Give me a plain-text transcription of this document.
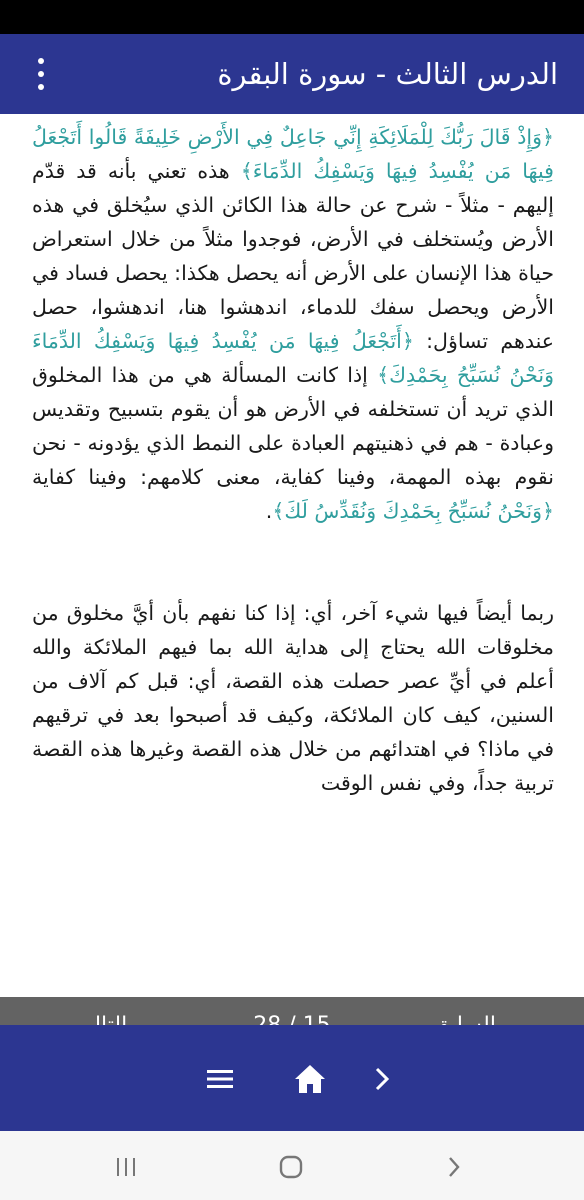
الدرس الثالث - سورة البقرة

﴿وَإِذْ قَالَ رَبُّكَ لِلْمَلَائِكَةِ إِنِّي جَاعِلٌ فِي الأَرْضِ خَلِيفَةً قَالُوا أَتَجْعَلُ فِيهَا مَن يُفْسِدُ فِيهَا وَيَسْفِكُ الدِّمَاءَ﴾ هذه تعني بأنه قد قدّم إليهم - مثلاً - شرح عن حالة هذا الكائن الذي سيُخلق في هذه الأرض ويُستخلف في الأرض، فوجدوا مثلاً من خلال استعراض حياة هذا الإنسان على الأرض أنه يحصل هكذا: يحصل فساد في الأرض ويحصل سفك للدماء، اندهشوا هنا، اندهشوا، حصل عندهم تساؤل: ﴿أَتَجْعَلُ فِيهَا مَن يُفْسِدُ فِيهَا وَيَسْفِكُ الدِّمَاءَ وَنَحْنُ نُسَبِّحُ بِحَمْدِكَ﴾ إذا كانت المسألة هي من هذا المخلوق الذي تريد أن تستخلفه في الأرض هو أن يقوم بتسبيح وتقديس وعبادة - هم في ذهنيتهم العبادة على النمط الذي يؤدونه - نحن نقوم بهذه المهمة، وفينا كفاية، معنى كلامهم: وفينا كفاية ﴿وَنَحْنُ نُسَبِّحُ بِحَمْدِكَ وَنُقَدِّسُ لَكَ﴾.

ربما أيضاً فيها شيء آخر، أي: إذا كنا نفهم بأن أيَّ مخلوق من مخلوقات الله يحتاج إلى هداية الله بما فيهم الملائكة والله أعلم في أيِّ عصر حصلت هذه القصة، أي: قبل كم آلاف من السنين، كيف كان الملائكة، وكيف قد أصبحوا بعد في ترقيهم في ماذا؟ في اهتدائهم من خلال هذه القصة وغيرها هذه القصة تربية جداً، وفي نفس الوقت
